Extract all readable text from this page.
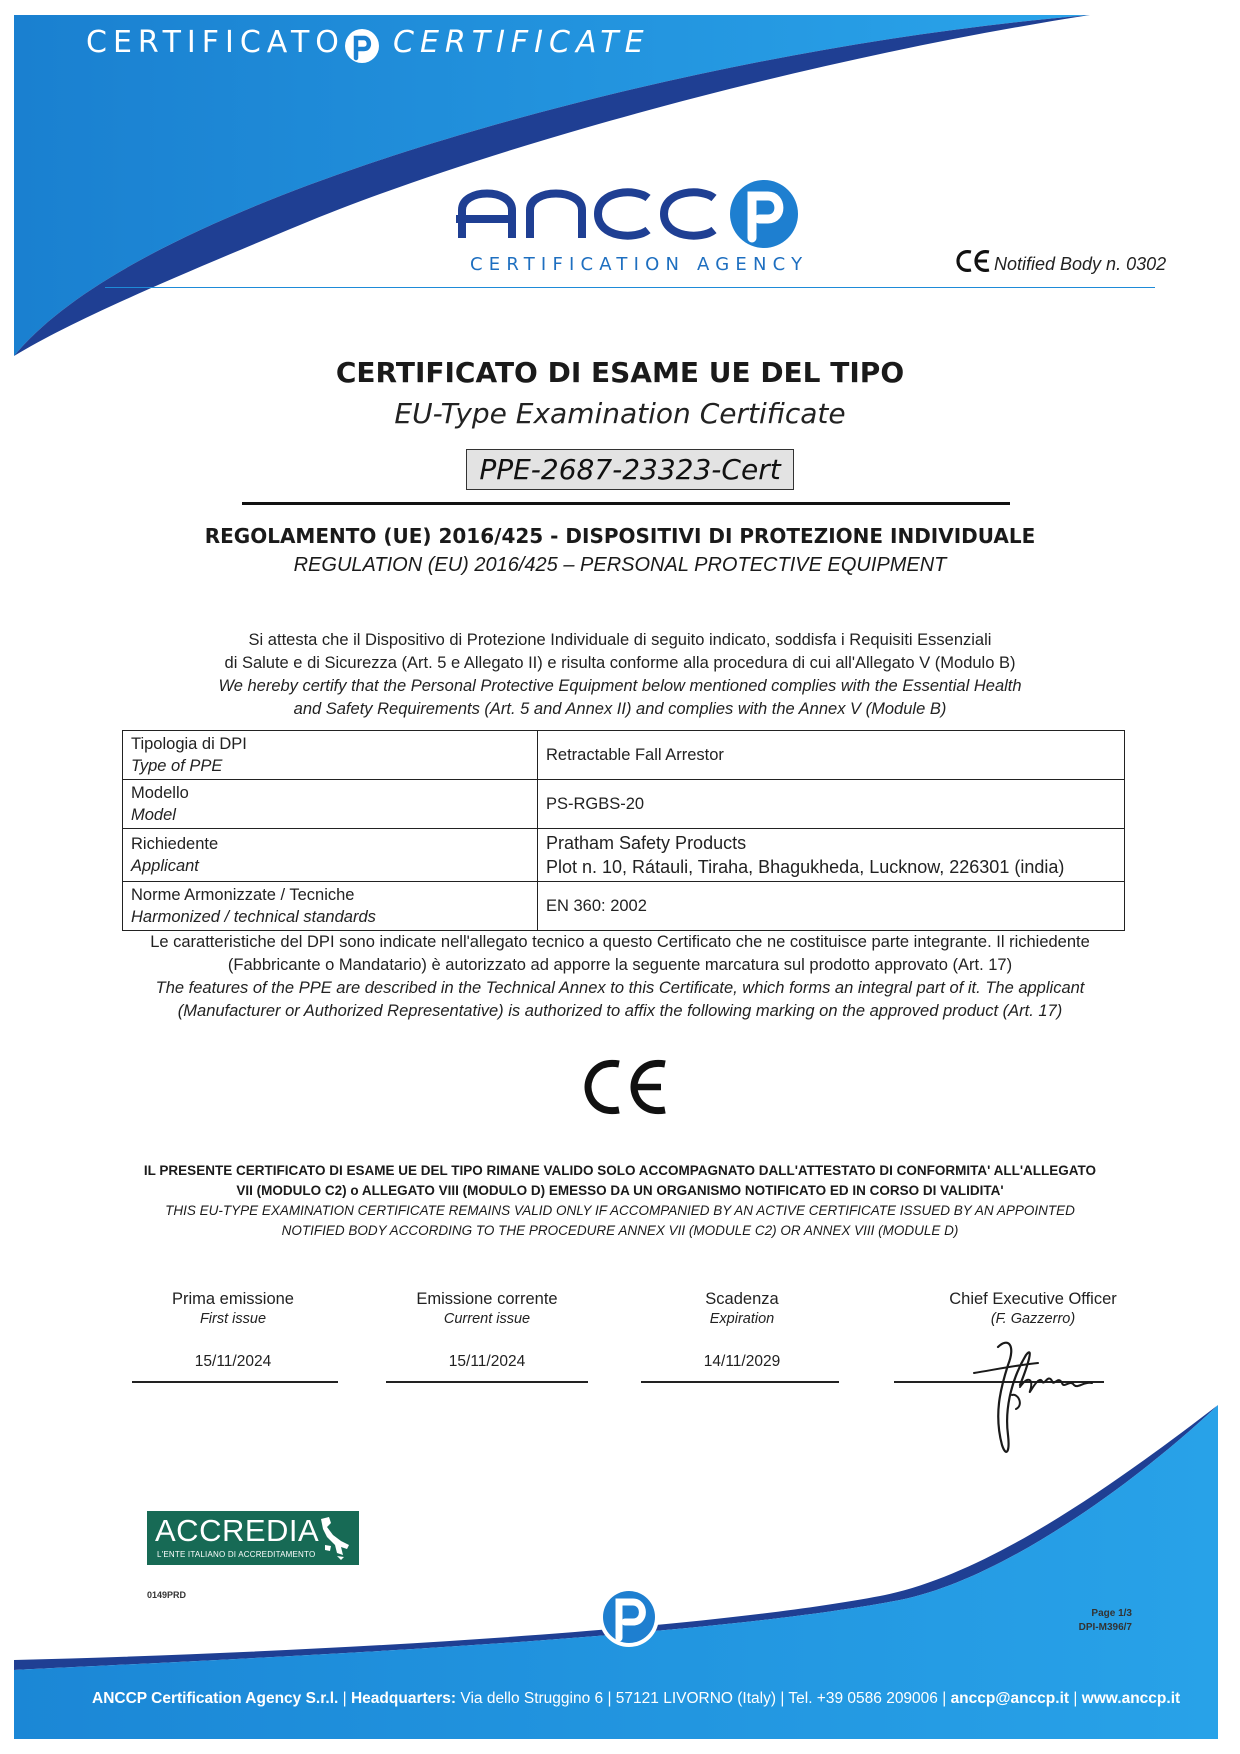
CERTIFICATO CERTIFICATE
CERTIFICATION AGENCY	Notified Body n. 0302
CERTIFICATO DI ESAME UE DEL TIPO
EU-Type Examination Certificate
PPE-2687-23323-Cert
REGOLAMENTO (UE) 2016/425 - DISPOSITIVI DI PROTEZIONE INDIVIDUALE
REGULATION (EU) 2016/425 – PERSONAL PROTECTIVE EQUIPMENT
Si attesta che il Dispositivo di Protezione Individuale di seguito indicato, soddisfa i Requisiti Essenziali
di Salute e di Sicurezza (Art. 5 e Allegato II) e risulta conforme alla procedura di cui all'Allegato V (Modulo B)
We hereby certify that the Personal Protective Equipment below mentioned complies with the Essential Health
and Safety Requirements (Art. 5 and Annex II) and complies with the Annex V (Module B)
Tipologia di DPI
Type of PPE
	Retractable Fall Arrestor

Modello
Model
	PS-RGBS-20

Richiedente
Applicant

Pratham Safety Products
Plot n. 10, Rátauli, Tiraha, Bhagukheda, Lucknow, 226301 (india)

Norme Armonizzate / Tecniche
Harmonized / technical standards
	EN 360: 2002
Le caratteristiche del DPI sono indicate nell'allegato tecnico a questo Certificato che ne costituisce parte integrante. Il richiedente
(Fabbricante o Mandatario) è autorizzato ad apporre la seguente marcatura sul prodotto approvato (Art. 17)
The features of the PPE are described in the Technical Annex to this Certificate, which forms an integral part of it. The applicant
(Manufacturer or Authorized Representative) is authorized to affix the following marking on the approved product (Art. 17)
IL PRESENTE CERTIFICATO DI ESAME UE DEL TIPO RIMANE VALIDO SOLO ACCOMPAGNATO DALL'ATTESTATO DI CONFORMITA' ALL'ALLEGATO
VII (MODULO C2) o ALLEGATO VIII (MODULO D) EMESSO DA UN ORGANISMO NOTIFICATO ED IN CORSO DI VALIDITA'
THIS EU-TYPE EXAMINATION CERTIFICATE REMAINS VALID ONLY IF ACCOMPANIED BY AN ACTIVE CERTIFICATE ISSUED BY AN APPOINTED
NOTIFIED BODY ACCORDING TO THE PROCEDURE ANNEX VII (MODULE C2) OR ANNEX VIII (MODULE D)
Prima emissione
First issue
15/11/2024
Emissione corrente
Current issue
15/11/2024
Scadenza
Expiration
14/11/2029
Chief Executive Officer
(F. Gazzerro)
ACCREDIA
L'ENTE ITALIANO DI ACCREDITAMENTO
0149PRD
Page 1/3
DPI-M396/7
ANCCP Certification Agency S.r.l. | Headquarters: Via dello Struggino 6 | 57121 LIVORNO (Italy) | Tel. +39 0586 209006 | anccp@anccp.it | www.anccp.it
